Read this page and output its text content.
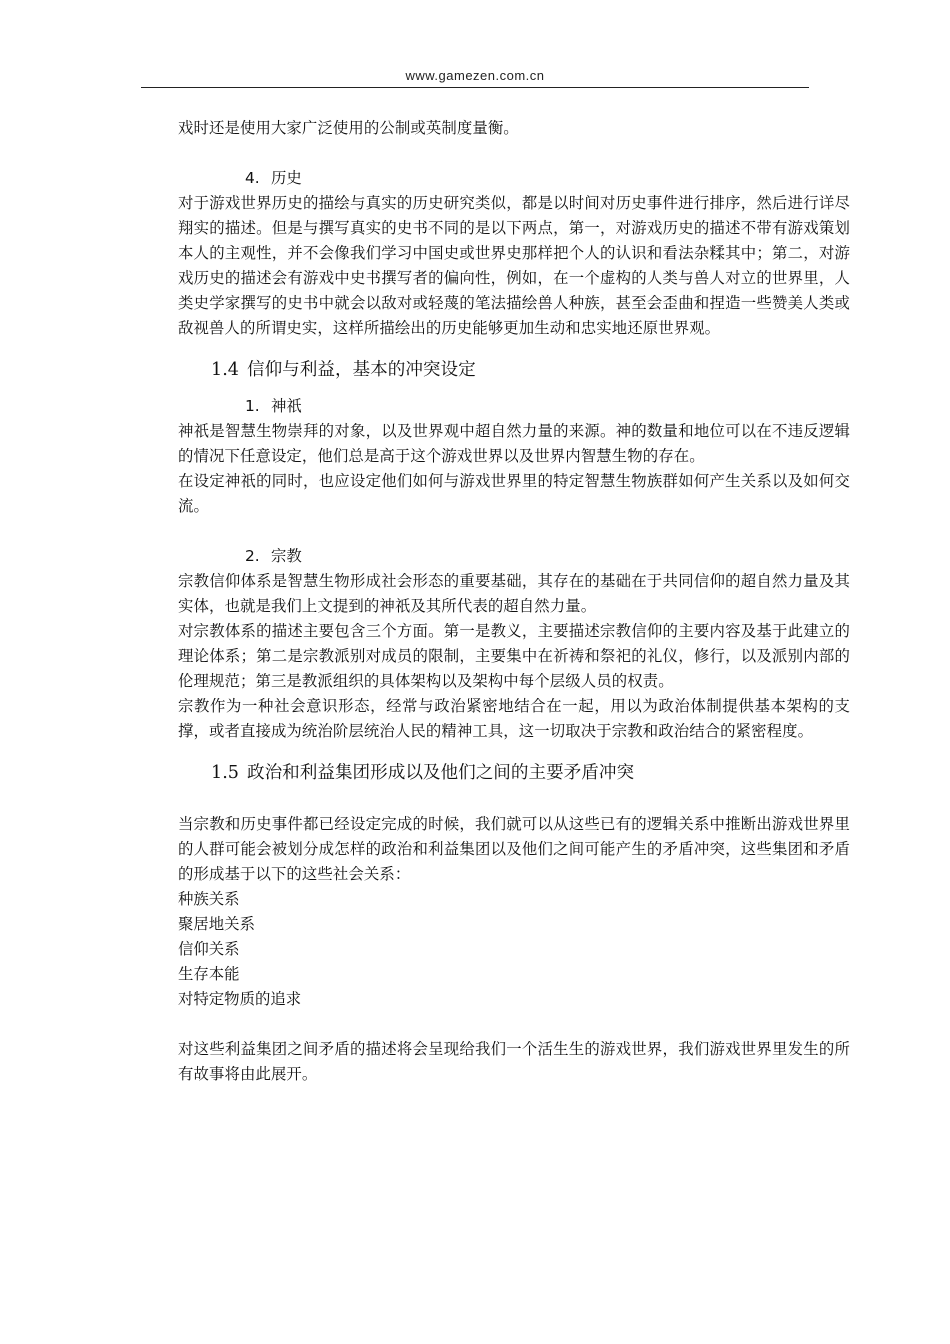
www.gamezen.com.cn

戏时还是使用大家广泛使用的公制或英制度量衡。

4. 历史

对于游戏世界历史的描绘与真实的历史研究类似，都是以时间对历史事件进行排序，然后进行详尽翔实的描述。但是与撰写真实的史书不同的是以下两点，第一，对游戏历史的描述不带有游戏策划本人的主观性，并不会像我们学习中国史或世界史那样把个人的认识和看法杂糅其中；第二，对游戏历史的描述会有游戏中史书撰写者的偏向性，例如，在一个虚构的人类与兽人对立的世界里，人类史学家撰写的史书中就会以敌对或轻蔑的笔法描绘兽人种族，甚至会歪曲和捏造一些赞美人类或敌视兽人的所谓史实，这样所描绘出的历史能够更加生动和忠实地还原世界观。

1.4 信仰与利益，基本的冲突设定

1. 神祇

神祇是智慧生物崇拜的对象，以及世界观中超自然力量的来源。神的数量和地位可以在不违反逻辑的情况下任意设定，他们总是高于这个游戏世界以及世界内智慧生物的存在。

在设定神祇的同时，也应设定他们如何与游戏世界里的特定智慧生物族群如何产生关系以及如何交流。

2. 宗教

宗教信仰体系是智慧生物形成社会形态的重要基础，其存在的基础在于共同信仰的超自然力量及其实体，也就是我们上文提到的神祇及其所代表的超自然力量。

对宗教体系的描述主要包含三个方面。第一是教义，主要描述宗教信仰的主要内容及基于此建立的理论体系；第二是宗教派别对成员的限制，主要集中在祈祷和祭祀的礼仪，修行，以及派别内部的伦理规范；第三是教派组织的具体架构以及架构中每个层级人员的权责。

宗教作为一种社会意识形态，经常与政治紧密地结合在一起，用以为政治体制提供基本架构的支撑，或者直接成为统治阶层统治人民的精神工具，这一切取决于宗教和政治结合的紧密程度。

1.5 政治和利益集团形成以及他们之间的主要矛盾冲突

当宗教和历史事件都已经设定完成的时候，我们就可以从这些已有的逻辑关系中推断出游戏世界里的人群可能会被划分成怎样的政治和利益集团以及他们之间可能产生的矛盾冲突，这些集团和矛盾的形成基于以下的这些社会关系：

种族关系

聚居地关系

信仰关系

生存本能

对特定物质的追求

对这些利益集团之间矛盾的描述将会呈现给我们一个活生生的游戏世界，我们游戏世界里发生的所有故事将由此展开。
